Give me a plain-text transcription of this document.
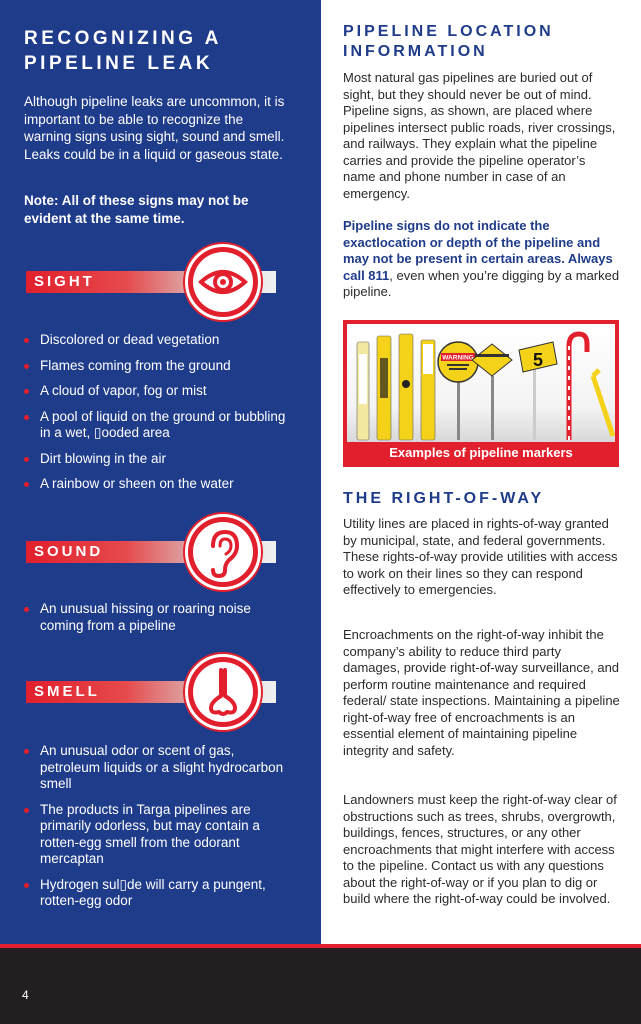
RECOGNIZING A PIPELINE LEAK
Although pipeline leaks are uncommon, it is important to be able to recognize the warning signs using sight, sound and smell. Leaks could be in a liquid or gaseous state.
Note: All of these signs may not be evident at the same time.
SIGHT
Discolored or dead vegetation
Flames coming from the ground
A cloud of vapor, fog or mist
A pool of liquid on the ground or bubbling in a wet, ▯ooded area
Dirt blowing in the air
A rainbow or sheen on the water
SOUND
An unusual hissing or roaring noise coming from a pipeline
SMELL
An unusual odor or scent of gas, petroleum liquids or a slight hydrocarbon smell
The products in Targa pipelines are primarily odorless, but may contain a rotten-egg smell from the odorant mercaptan
Hydrogen sul▯de will carry a pungent, rotten-egg odor
PIPELINE LOCATION INFORMATION
Most natural gas pipelines are buried out of sight, but they should never be out of mind. Pipeline signs, as shown, are placed where pipelines intersect public roads, river crossings, and railways. They explain what the pipeline carries and provide the pipeline operator’s name and phone number in case of an emergency.
Pipeline signs do not indicate the exactlocation or depth of the pipeline and may not be present in certain areas. Always call 811, even when you’re digging by a marked pipeline.
WARNING	5
Examples of pipeline markers
THE RIGHT-OF-WAY
Utility lines are placed in rights-of-way granted by municipal, state, and federal governments. These rights-of-way provide utilities with access to work on their lines so they can respond effectively to emergencies.
Encroachments on the right-of-way inhibit the company’s ability to reduce third party damages, provide right-of-way surveillance, and perform routine maintenance and required federal/ state inspections. Maintaining a pipeline right-of-way free of encroachments is an essential element of maintaining pipeline integrity and safety.
Landowners must keep the right-of-way clear of obstructions such as trees, shrubs, overgrowth, buildings, fences, structures, or any other encroachments that might interfere with access to the pipeline. Contact us with any questions about the right-of-way or if you plan to dig or build where the right-of-way could be involved.
4
